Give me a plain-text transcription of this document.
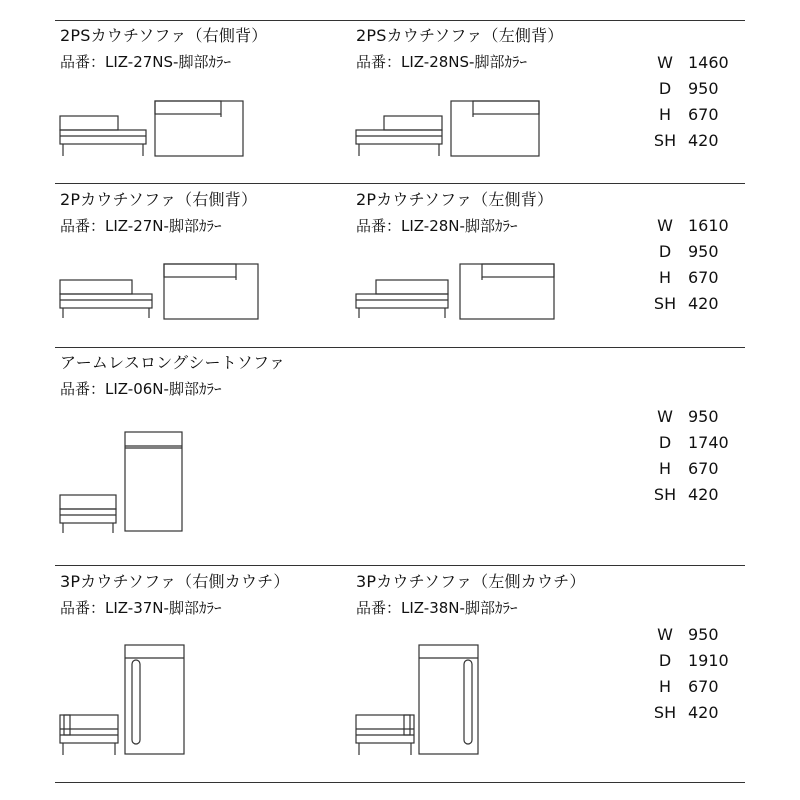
2PSカウチソファ（右側背）
品番：LIZ-27NS-脚部ｶﾗｰ
2PSカウチソファ（左側背）
品番：LIZ-28NS-脚部ｶﾗｰ	W 1460
D 950
H 670
SH 420
2Pカウチソファ（右側背）
品番：LIZ-27N-脚部ｶﾗｰ
2Pカウチソファ（左側背）
品番：LIZ-28N-脚部ｶﾗｰ	W 1610
D 950
H 670
SH 420
アームレスロングシートソファ
品番：LIZ-06N-脚部ｶﾗｰ
W 950
D 1740
H 670
SH 420
3Pカウチソファ（右側カウチ）
品番：LIZ-37N-脚部ｶﾗｰ
3Pカウチソファ（左側カウチ）
品番：LIZ-38N-脚部ｶﾗｰ
W 950
D 1910
H 670
SH 420
